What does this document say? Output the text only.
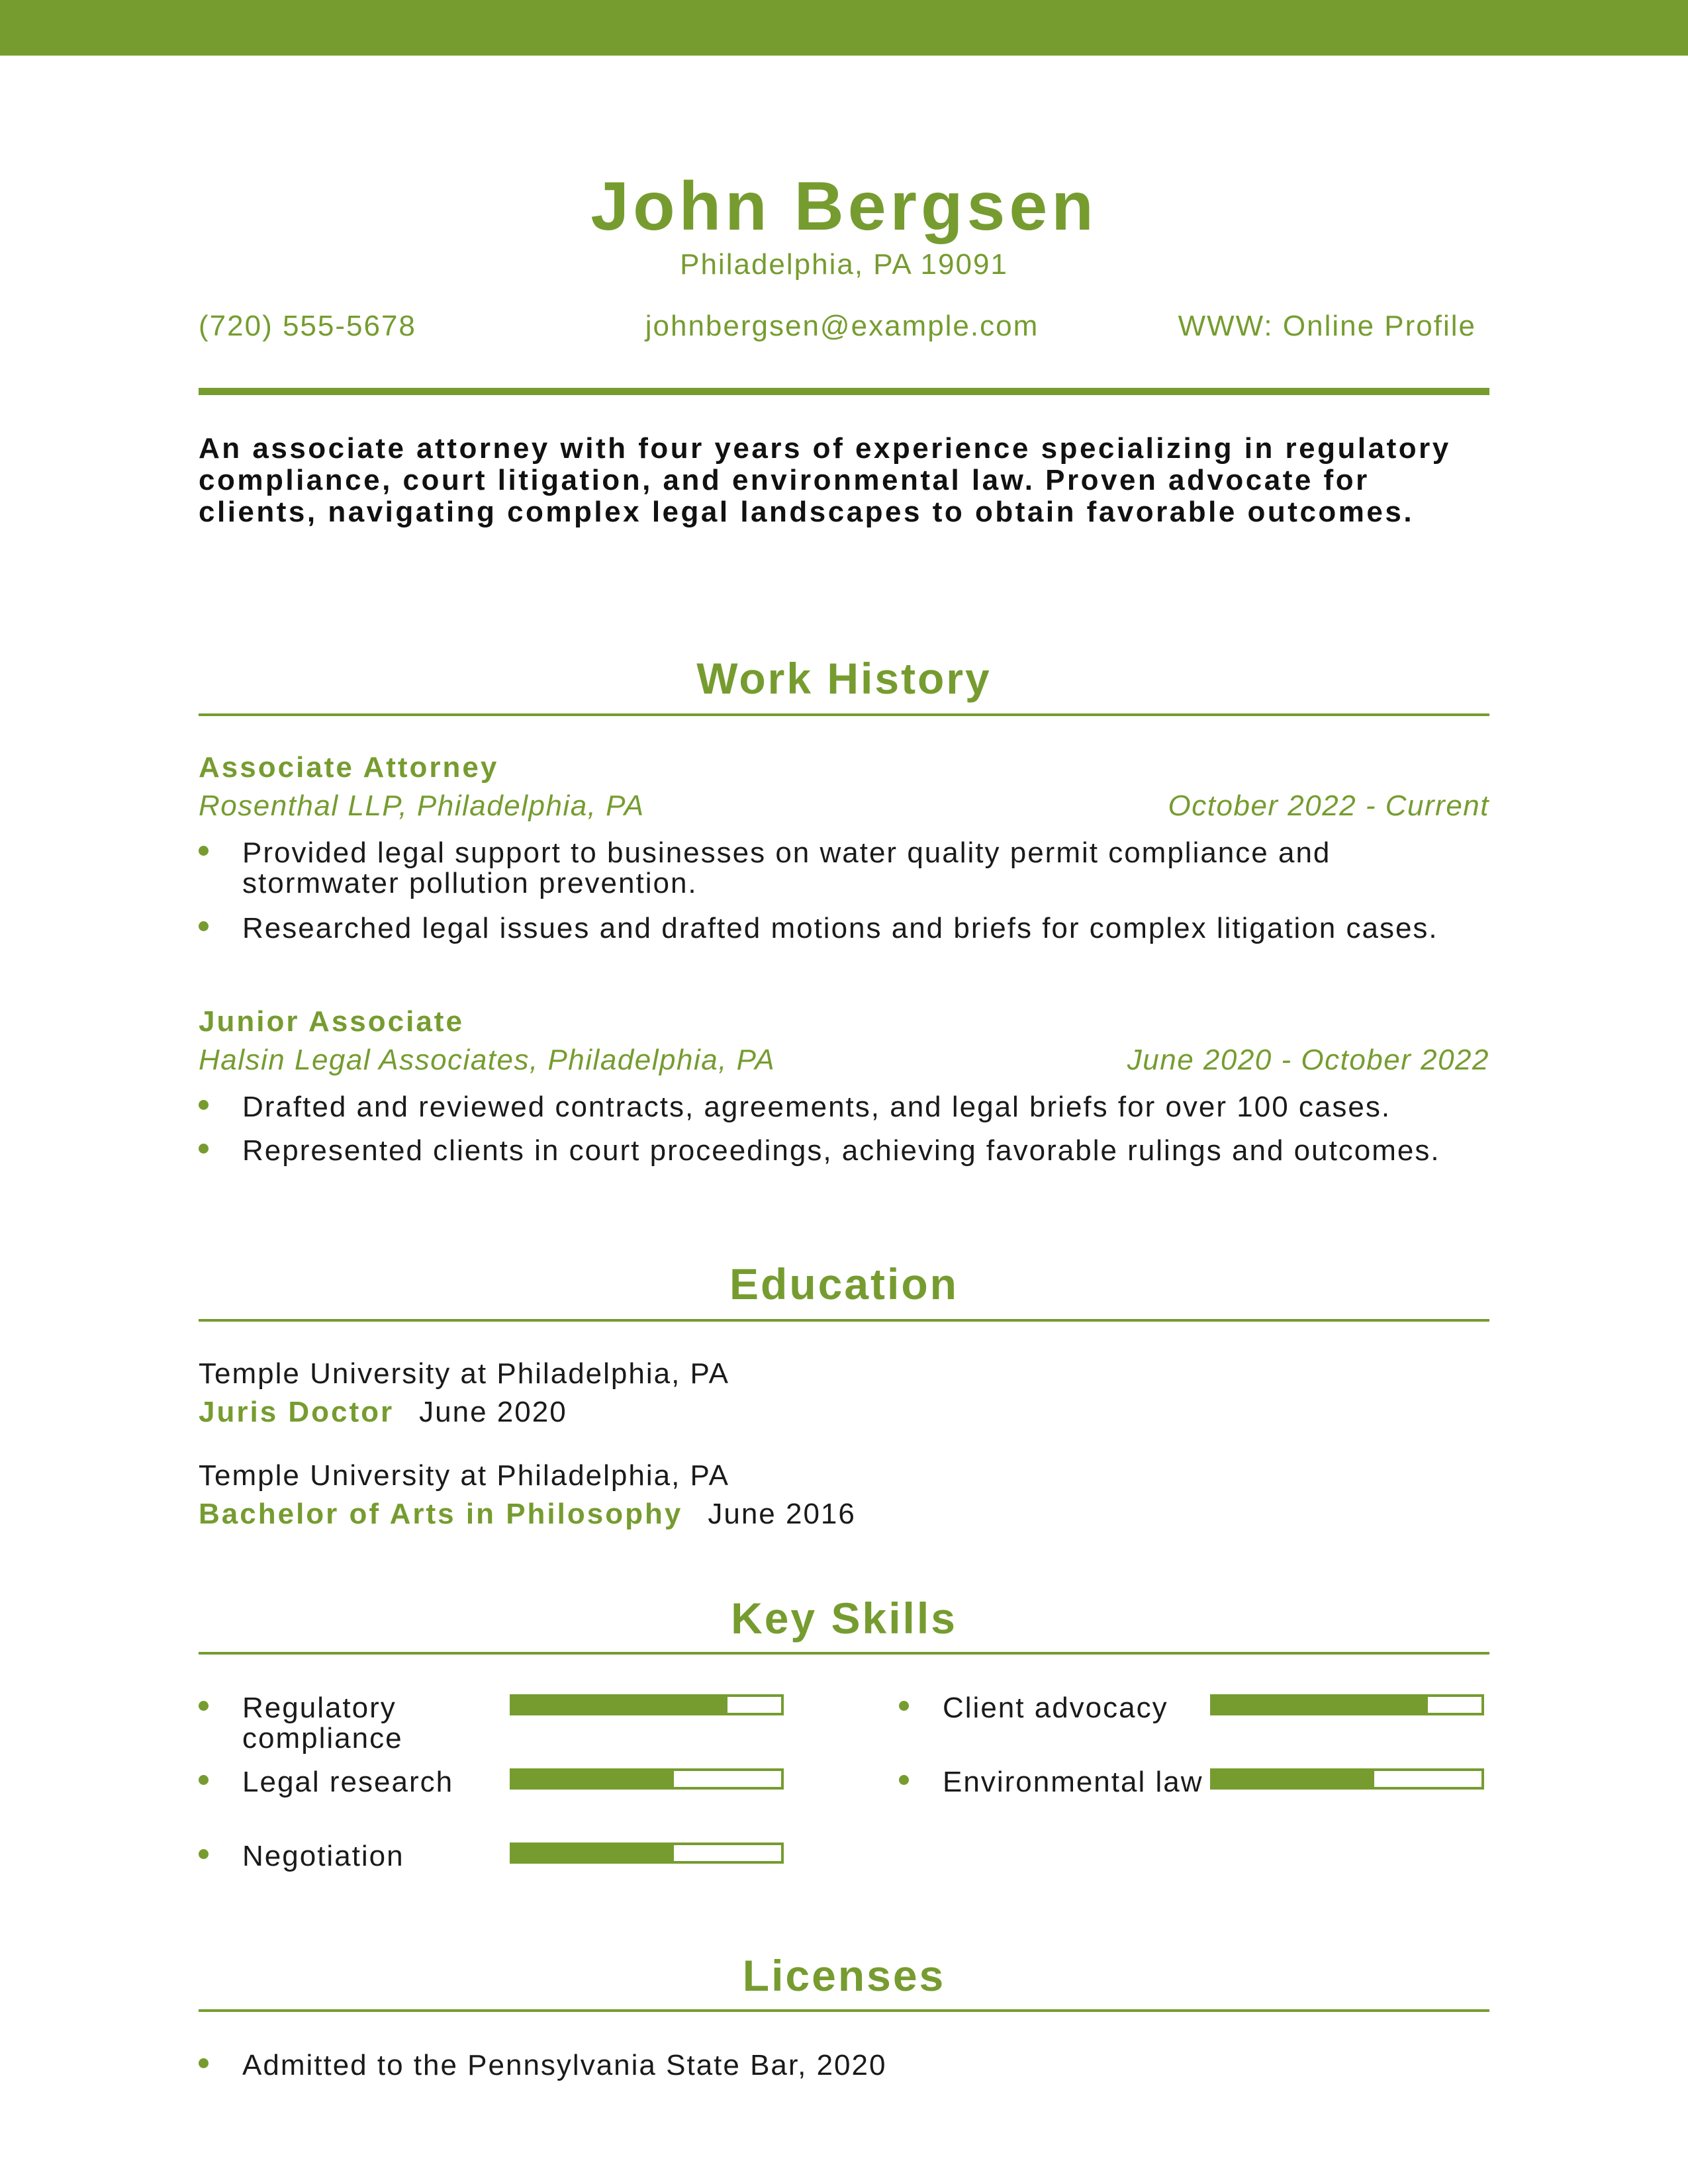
John Bergsen
Philadelphia, PA 19091
(720) 555-5678	johnbergsen@example.com	WWW: Online Profile
An associate attorney with four years of experience specializing in regulatory compliance, court litigation, and environmental law. Proven advocate for clients, navigating complex legal landscapes to obtain favorable outcomes.
Work History
Associate Attorney
Rosenthal LLP, Philadelphia, PA	October 2022 - Current
Provided legal support to businesses on water quality permit compliance and stormwater pollution prevention.
Researched legal issues and drafted motions and briefs for complex litigation cases.
Junior Associate
Halsin Legal Associates, Philadelphia, PA	June 2020 - October 2022
Drafted and reviewed contracts, agreements, and legal briefs for over 100 cases.
Represented clients in court proceedings, achieving favorable rulings and outcomes.
Education
Temple University at Philadelphia, PA
Juris Doctor June 2020
Temple University at Philadelphia, PA
Bachelor of Arts in Philosophy June 2016
Key Skills
Regulatory compliance
Client advocacy
Legal research	Environmental law
Negotiation
Licenses
Admitted to the Pennsylvania State Bar, 2020
